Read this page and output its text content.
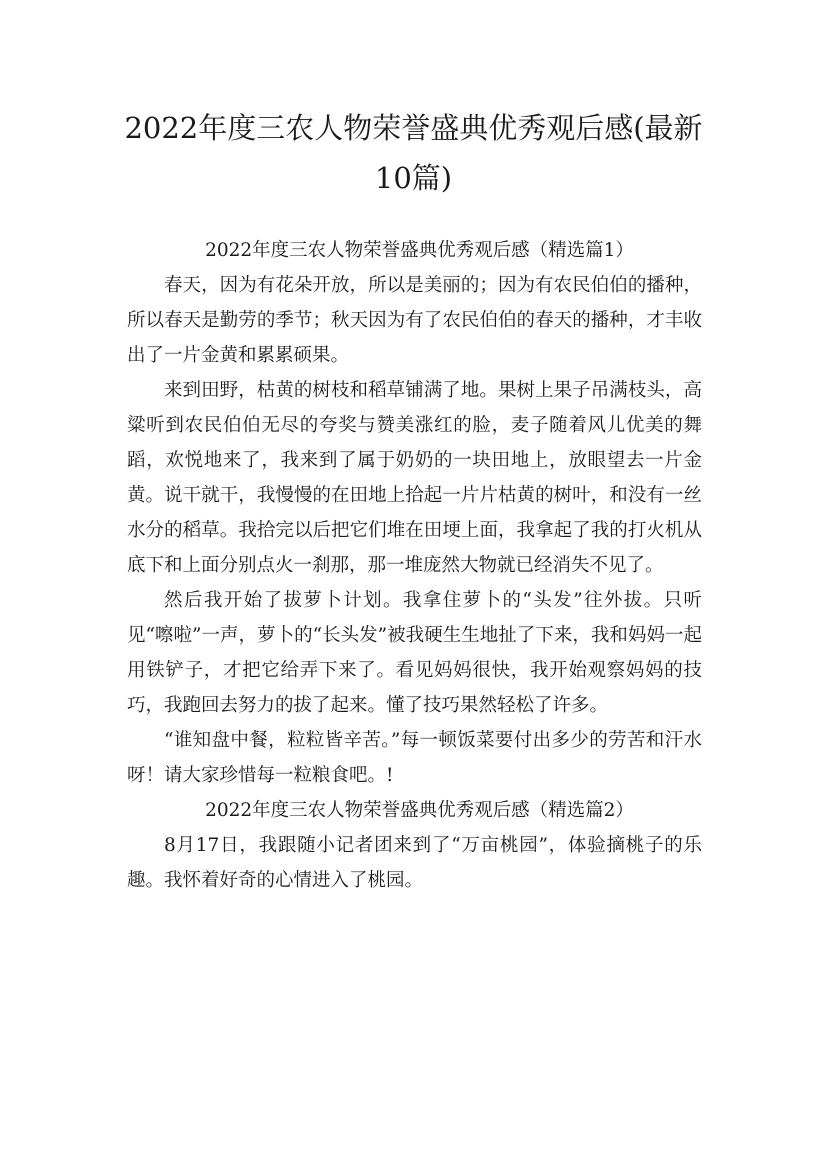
2022年度三农人物荣誉盛典优秀观后感(最新10篇)

2022年度三农人物荣誉盛典优秀观后感（精选篇1）

春天，因为有花朵开放，所以是美丽的；因为有农民伯伯的播种，所以春天是勤劳的季节；秋天因为有了农民伯伯的春天的播种，才丰收出了一片金黄和累累硕果。

来到田野，枯黄的树枝和稻草铺满了地。果树上果子吊满枝头，高粱听到农民伯伯无尽的夸奖与赞美涨红的脸，麦子随着风儿优美的舞蹈，欢悦地来了，我来到了属于奶奶的一块田地上，放眼望去一片金黄。说干就干，我慢慢的在田地上拾起一片片枯黄的树叶，和没有一丝水分的稻草。我拾完以后把它们堆在田埂上面，我拿起了我的打火机从底下和上面分别点火一刹那，那一堆庞然大物就已经消失不见了。

然后我开始了拔萝卜计划。我拿住萝卜的“头发”往外拔。只听见“嚓啦”一声，萝卜的“长头发”被我硬生生地扯了下来，我和妈妈一起用铁铲子，才把它给弄下来了。看见妈妈很快，我开始观察妈妈的技巧，我跑回去努力的拔了起来。懂了技巧果然轻松了许多。

“谁知盘中餐，粒粒皆辛苦。”每一顿饭菜要付出多少的劳苦和汗水呀！请大家珍惜每一粒粮食吧。!

2022年度三农人物荣誉盛典优秀观后感（精选篇2）

8月17日，我跟随小记者团来到了“万亩桃园”，体验摘桃子的乐趣。我怀着好奇的心情进入了桃园。
